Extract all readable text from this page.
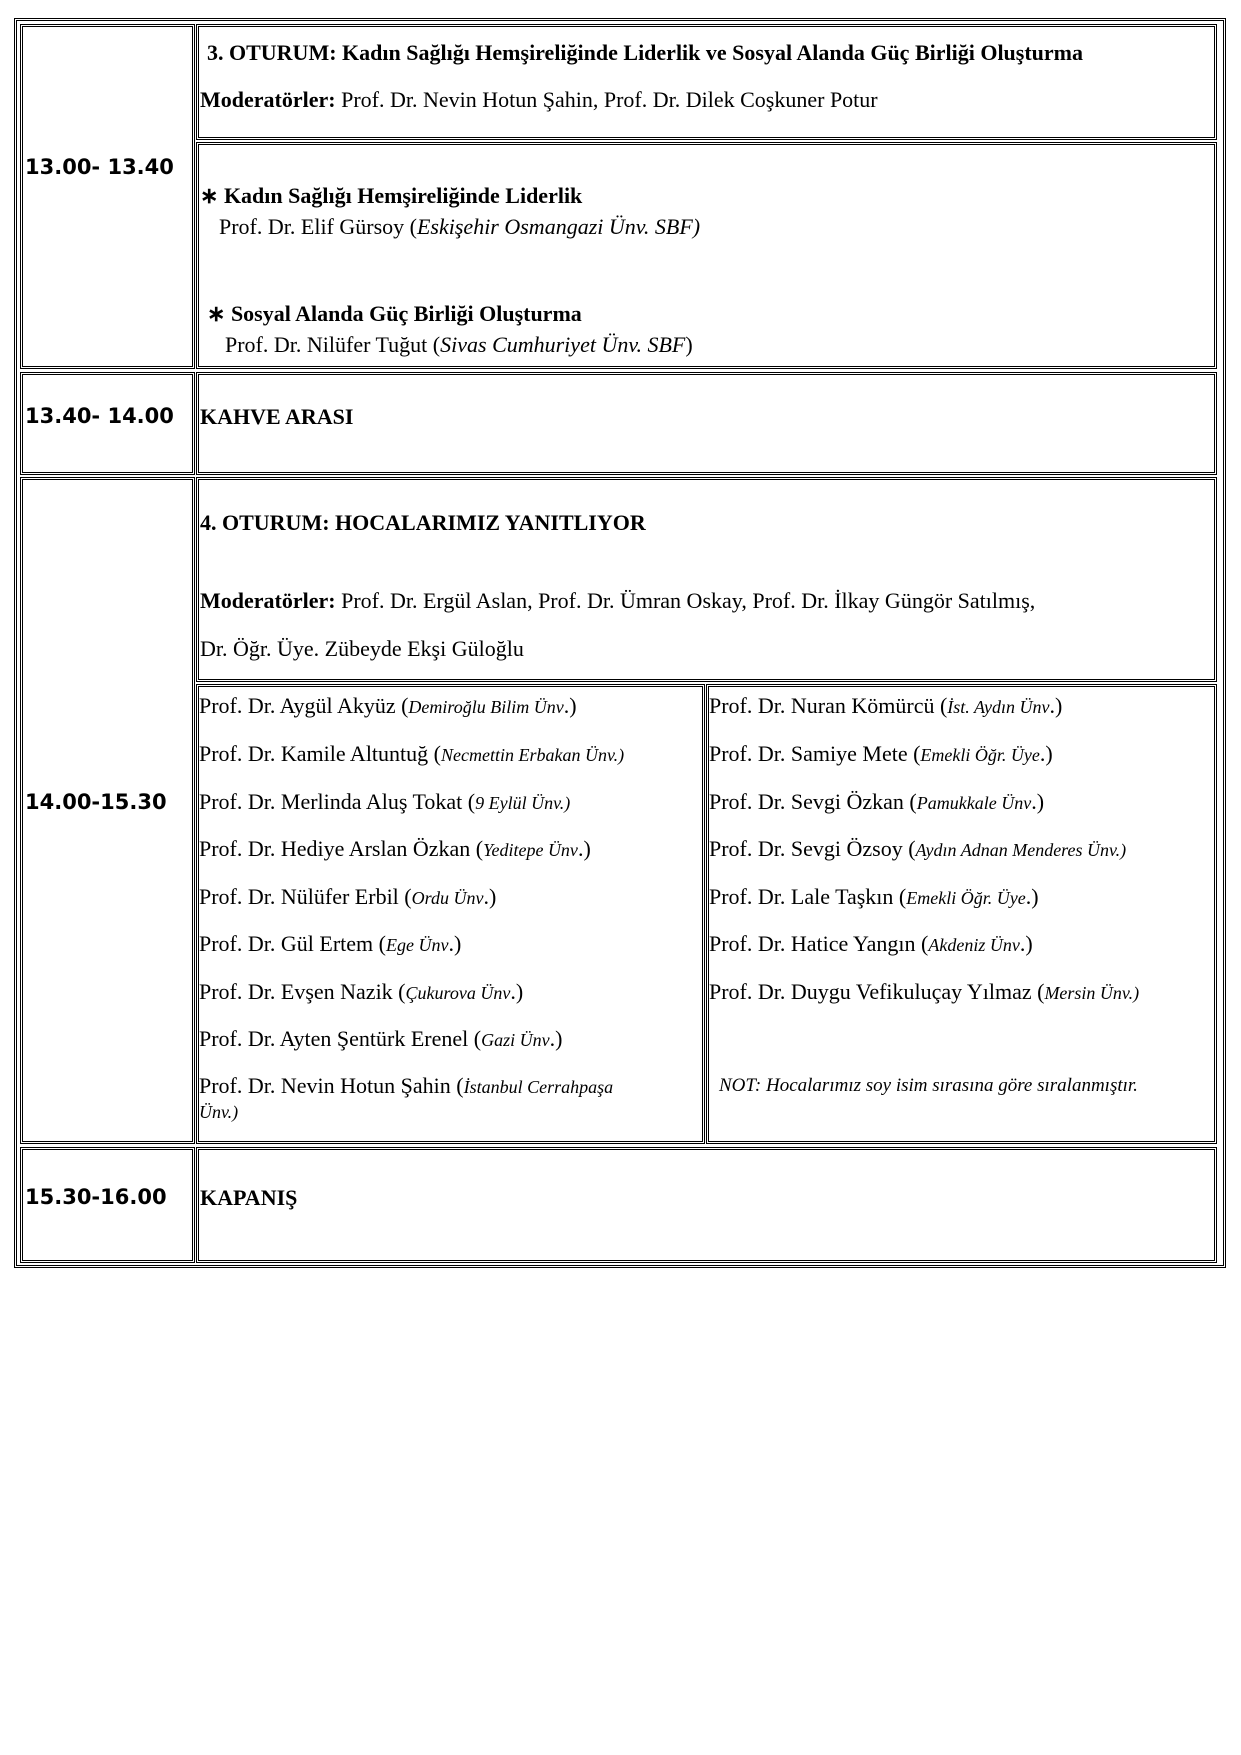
13.00- 13.40
3. OTURUM: Kadın Sağlığı Hemşireliğinde Liderlik ve Sosyal Alanda Güç Birliği Oluşturma
Moderatörler: Prof. Dr. Nevin Hotun Şahin, Prof. Dr. Dilek Coşkuner Potur
∗ Kadın Sağlığı Hemşireliğinde Liderlik
Prof. Dr. Elif Gürsoy (Eskişehir Osmangazi Ünv. SBF)
∗ Sosyal Alanda Güç Birliği Oluşturma
Prof. Dr. Nilüfer Tuğut (Sivas Cumhuriyet Ünv. SBF)
13.40- 14.00 KAHVE ARASI
14.00-15.30
4. OTURUM: HOCALARIMIZ YANITLIYOR
Moderatörler: Prof. Dr. Ergül Aslan, Prof. Dr. Ümran Oskay, Prof. Dr. İlkay Güngör Satılmış,
Dr. Öğr. Üye. Zübeyde Ekşi Güloğlu
Prof. Dr. Aygül Akyüz (Demiroğlu Bilim Ünv.)
Prof. Dr. Kamile Altuntuğ (Necmettin Erbakan Ünv.)
Prof. Dr. Merlinda Aluş Tokat (9 Eylül Ünv.)
Prof. Dr. Hediye Arslan Özkan (Yeditepe Ünv.)
Prof. Dr. Nülüfer Erbil (Ordu Ünv.)
Prof. Dr. Gül Ertem (Ege Ünv.)
Prof. Dr. Evşen Nazik (Çukurova Ünv.)
Prof. Dr. Ayten Şentürk Erenel (Gazi Ünv.)
Prof. Dr. Nevin Hotun Şahin (İstanbul Cerrahpaşa
Ünv.)
Prof. Dr. Nuran Kömürcü (İst. Aydın Ünv.)
Prof. Dr. Samiye Mete (Emekli Öğr. Üye.)
Prof. Dr. Sevgi Özkan (Pamukkale Ünv.)
Prof. Dr. Sevgi Özsoy (Aydın Adnan Menderes Ünv.)
Prof. Dr. Lale Taşkın (Emekli Öğr. Üye.)
Prof. Dr. Hatice Yangın (Akdeniz Ünv.)
Prof. Dr. Duygu Vefikuluçay Yılmaz (Mersin Ünv.)
NOT: Hocalarımız soy isim sırasına göre sıralanmıştır.
15.30-16.00 KAPANIŞ
